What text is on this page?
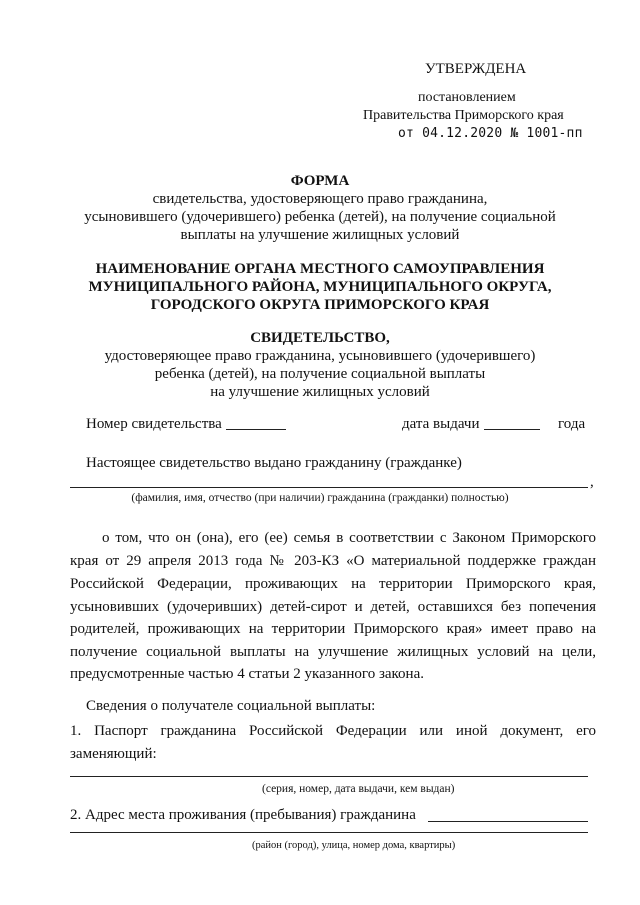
УТВЕРЖДЕНА
постановлением
Правительства Приморского края
от 04.12.2020 № 1001-пп
ФОРМА
свидетельства, удостоверяющего право гражданина,
усыновившего (удочерившего) ребенка (детей), на получение социальной
выплаты на улучшение жилищных условий
НАИМЕНОВАНИЕ ОРГАНА МЕСТНОГО САМОУПРАВЛЕНИЯ
МУНИЦИПАЛЬНОГО РАЙОНА, МУНИЦИПАЛЬНОГО ОКРУГА,
ГОРОДСКОГО ОКРУГА ПРИМОРСКОГО КРАЯ
СВИДЕТЕЛЬСТВО,
удостоверяющее право гражданина, усыновившего (удочерившего)
ребенка (детей), на получение социальной выплаты
на улучшение жилищных условий
Номер свидетельства	дата выдачи	года
Настоящее свидетельство выдано гражданину (гражданке)
,
(фамилия, имя, отчество (при наличии) гражданина (гражданки) полностью)
о том, что он (она), его (ее) семья в соответствии с Законом Приморского
края от 29 апреля 2013 года № 203-КЗ «О материальной поддержке граждан
Российской Федерации, проживающих на территории Приморского края,
усыновивших (удочеривших) детей-сирот и детей, оставшихся без попечения
родителей, проживающих на территории Приморского края» имеет право на
получение социальной выплаты на улучшение жилищных условий на цели,
предусмотренные частью 4 статьи 2 указанного закона.
Сведения о получателе социальной выплаты:
1. Паспорт гражданина Российской Федерации или иной документ, его
заменяющий:
(серия, номер, дата выдачи, кем выдан)
2. Адрес места проживания (пребывания) гражданина
(район (город), улица, номер дома, квартиры)
